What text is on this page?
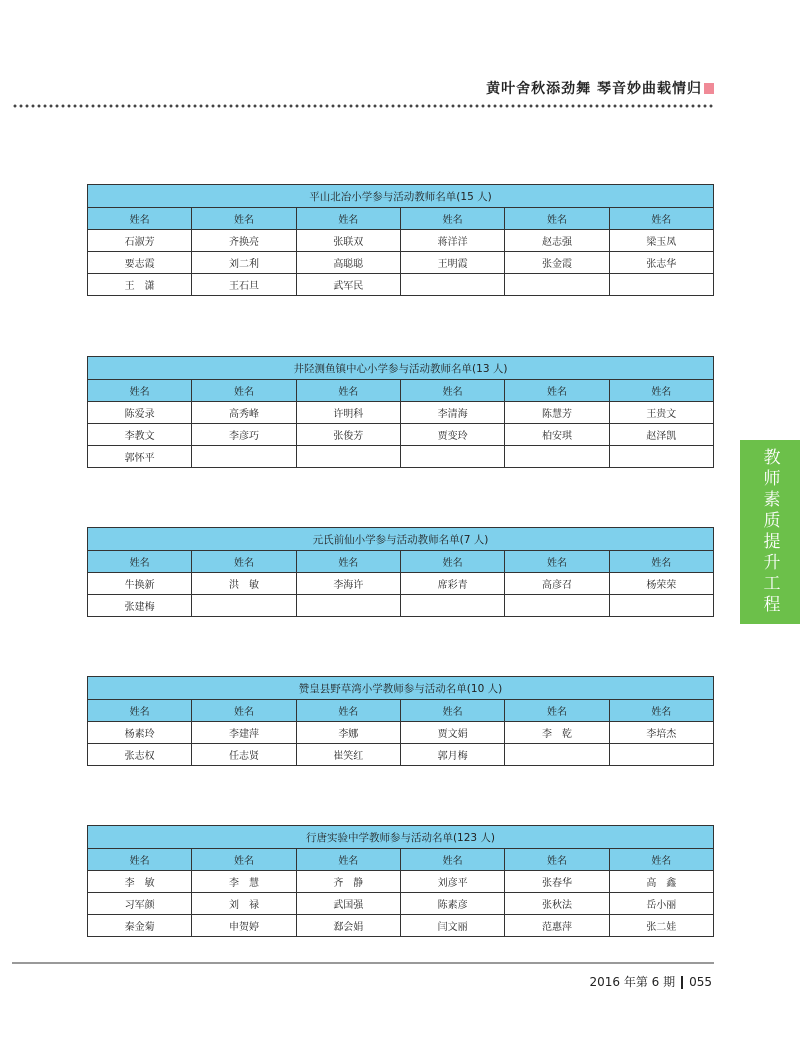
黄叶舍秋添劲舞 琴音妙曲载情归
教师素质提升工程
平山北冶小学参与活动教师名单(15 人)					
姓名	姓名	姓名	姓名	姓名	姓名
石淑芳	齐换亮	张联双	蒋洋洋	赵志强	梁玉凤
要志霞	刘二利	高聪聪	王明霞	张金霞	张志华
王　潇	王石旦	武军民			
井陉测鱼镇中心小学参与活动教师名单(13 人)					
姓名	姓名	姓名	姓名	姓名	姓名
陈爱录	高秀峰	许明科	李清海	陈慧芳	王贵文
李教文	李彦巧	张俊芳	贾变玲	柏安琪	赵泽凯
郭怀平					
元氏前仙小学参与活动教师名单(7 人)					
姓名	姓名	姓名	姓名	姓名	姓名
牛换新	洪　敏	李海许	席彩青	高彦召	杨荣荣
张建梅					
赞皇县野草湾小学教师参与活动名单(10 人)					
姓名	姓名	姓名	姓名	姓名	姓名
杨素玲	李建萍	李娜	贾文娟	李　乾	李培杰
张志权	任志贤	崔笑红	郭月梅		
行唐实验中学教师参与活动名单(123 人)					
姓名	姓名	姓名	姓名	姓名	姓名
李　敏	李　慧	齐　静	刘彦平	张春华	高　鑫
习军颜	刘　禄	武国强	陈素彦	张秋法	岳小丽
秦金菊	申贺婷	郄会娟	闫文丽	范惠萍	张二娃
2016 年第 6 期 055
